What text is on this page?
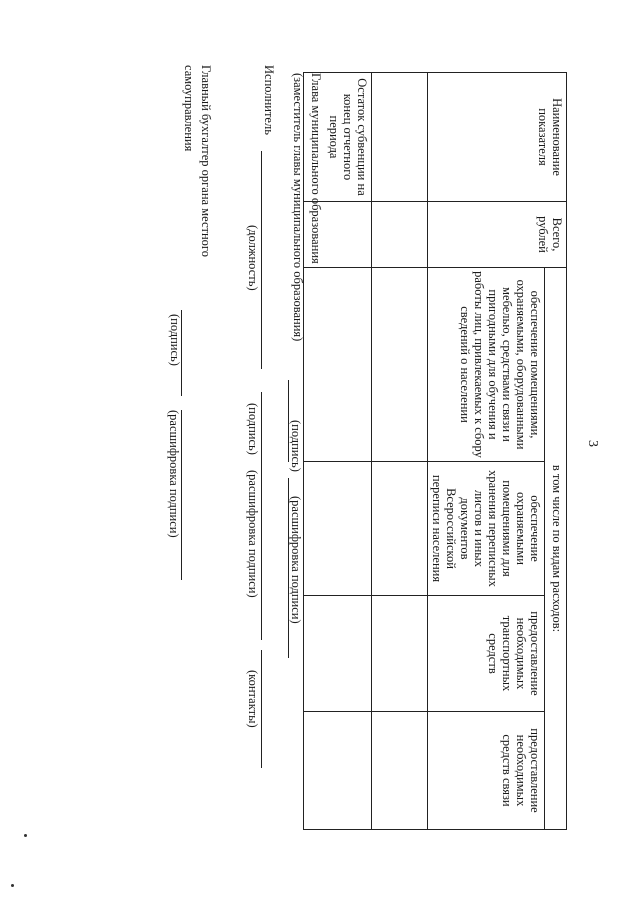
3
Наименование показателя	Всего, рублей	в том числе по видам расходов:			
		обеспечение помещениями, охраняемыми, оборудованными мебелью, средствами связи и пригодными для обучения и работы лиц, привлекаемых к сбору сведений о населении	обеспечение охраняемыми помещениями для хранения переписных листов и иных документов Всероссийской переписи населения	предоставление необходимых транспортных средств	предоставление необходимых средств связи

Остаток субвенции на конец отчетного периода					
Глава муниципального образования
(заместитель главы муниципального образования)
(подпись)
(расшифровка подписи)
Исполнитель
(должность)
(подпись)
(расшифровка подписи)
(контакты)
Главный бухгалтер органа местного
самоуправления
(подпись)
(расшифровка подписи)
